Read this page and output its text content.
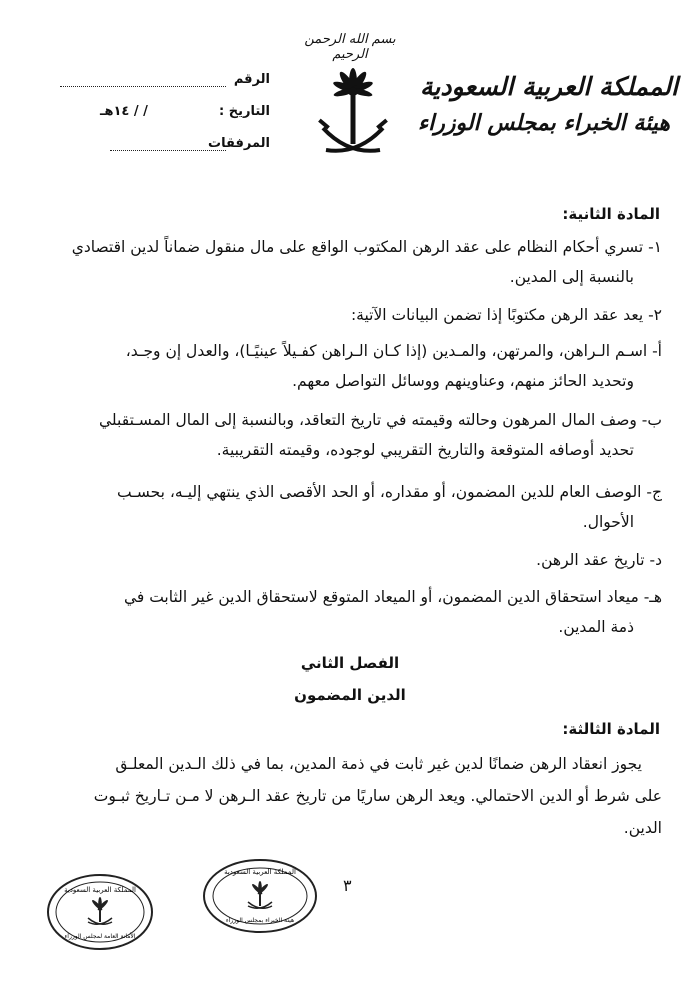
بسم الله الرحمن الرحيم
المملكة العربية السعودية
هيئة الخبراء بمجلس الوزراء
الرقم
التاريخ :
/ / ١٤هـ
المرفقات
المادة الثانية:
١- تسري أحكام النظام على عقد الرهن المكتوب الواقع على مال منقول ضماناً لدين اقتصادي
بالنسبة إلى المدين.
٢- يعد عقد الرهن مكتوبًا إذا تضمن البيانات الآتية:
أ- اسـم الـراهن، والمرتهن، والمـدين (إذا كـان الـراهن كفـيلاً عينيًـا)، والعدل إن وجـد،
وتحديد الحائز منهم، وعناوينهم ووسائل التواصل معهم.
ب- وصف المال المرهون وحالته وقيمته في تاريخ التعاقد، وبالنسبة إلى المال المسـتقبلي
تحديد أوصافه المتوقعة والتاريخ التقريبي لوجوده، وقيمته التقريبية.
ج- الوصف العام للدين المضمون، أو مقداره، أو الحد الأقصى الذي ينتهي إليـه، بحسـب
الأحوال.
د- تاريخ عقد الرهن.
هـ- ميعاد استحقاق الدين المضمون، أو الميعاد المتوقع لاستحقاق الدين غير الثابت في
ذمة المدين.
الفصل الثاني
الدين المضمون
المادة الثالثة:
يجوز انعقاد الرهن ضمانًا لدين غير ثابت في ذمة المدين، بما في ذلك الـدين المعلـق
على شرط أو الدين الاحتمالي. ويعد الرهن ساريًا من تاريخ عقد الـرهن لا مـن تـاريخ ثبـوت
الدين.
٣
المملكة العربية السعودية
الأمانة العامة لمجلس الوزراء
المملكة العربية السعودية
هيئة الخبراء بمجلس الوزراء
